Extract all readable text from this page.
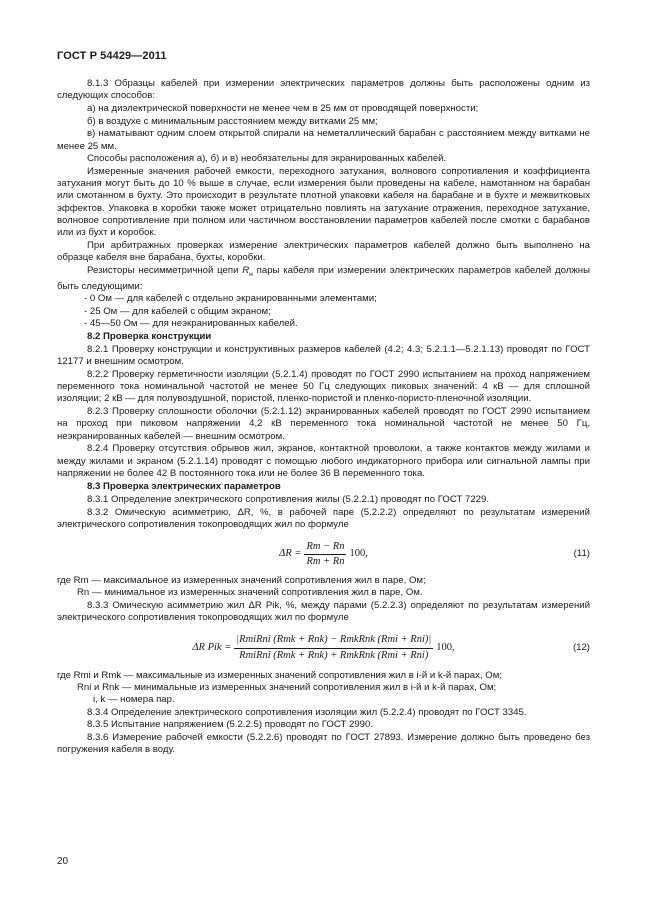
ГОСТ Р 54429—2011

8.1.3 Образцы кабелей при измерении электрических параметров должны быть расположены одним из следующих способов:

а) на диэлектрической поверхности не менее чем в 25 мм от проводящей поверхности;

б) в воздухе с минимальным расстоянием между витками 25 мм;

в) наматывают одним слоем открытой спирали на неметаллический барабан с расстоянием между витками не менее 25 мм.

Способы расположения а), б) и в) необязательны для экранированных кабелей.

Измеренные значения рабочей емкости, переходного затухания, волнового сопротивления и коэффициента затухания могут быть до 10 % выше в случае, если измерения были проведены на кабеле, намотанном на барабан или смотанном в бухту. Это происходит в результате плотной упаковки кабеля на барабане и в бухте и межвитковых эффектов. Упаковка в коробки также может отрицательно повлиять на затухание отражения, переходное затухание, волновое сопротивление при полном или частичном восстановлении параметров кабелей после смотки с барабанов или из бухт и коробок.

При арбитражных проверках измерение электрических параметров кабелей должно быть выполнено на образце кабеля вне барабана, бухты, коробки.

Резисторы несимметричной цепи $R_н$ пары кабеля при измерении электрических параметров кабелей должны быть следующими:

- 0 Ом — для кабелей с отдельно экранированными элементами;
- 25 Ом — для кабелей с общим экраном;
- 45—50 Ом — для неэкранированных кабелей.

8.2 Проверка конструкции

8.2.1 Проверку конструкции и конструктивных размеров кабелей (4.2; 4.3; 5.2.1.1—5.2.1.13) проводят по ГОСТ 12177 и внешним осмотром.

8.2.2 Проверку герметичности изоляции (5.2.1.4) проводят по ГОСТ 2990 испытанием на проход напряжением переменного тока номинальной частотой не менее 50 Гц следующих пиковых значений: 4 кВ — для сплошной изоляции; 2 кВ — для полувоздушной, пористой, пленко-пористой и пленко-пористо-пленочной изоляции.

8.2.3 Проверку сплошности оболочки (5.2.1.12) экранированных кабелей проводят по ГОСТ 2990 испытанием на проход при пиковом напряжении 4,2 кВ переменного тока номинальной частотой не менее 50 Гц, неэкранированных кабелей — внешним осмотром.

8.2.4 Проверку отсутствия обрывов жил, экранов, контактной проволоки, а также контактов между жилами и между жилами и экраном (5.2.1.14) проводят с помощью любого индикаторного прибора или сигнальной лампы при напряжении не более 42 В постоянного тока или не более 36 В переменного тока.

8.3 Проверка электрических параметров

8.3.1 Определение электрического сопротивления жилы (5.2.2.1) проводят по ГОСТ 7229.

8.3.2 Омическую асимметрию, ΔR, %, в рабочей паре (5.2.2.2) определяют по результатам измерений электрического сопротивления токопроводящих жил по формуле

$\Delta R = \frac{Rm - Rn}{Rm + Rn} 100$,	(11)
где Rm — максимальное из измеренных значений сопротивления жил в паре, Ом;
Rn — минимальное из измеренных значений сопротивления жил в паре, Ом.

8.3.3 Омическую асимметрию жил ΔR Pik, %, между парами (5.2.2.3) определяют по результатам измерений электрического сопротивления токопроводящих жил по формуле

ΔR Pik = $\frac{\text{|RmiRni (Rmk + Rnk) − RmkRnk (Rmi + Rni)|}}{\text{RmiRni (Rmk + Rnk) + RmkRnk (Rmi + Rni)}} 100$,	(12)
где Rmi и Rmk — максимальные из измеренных значений сопротивления жил в i-й и k-й парах, Ом;
Rni и Rnk — минимальные из измеренных значений сопротивления жил в i-й и k-й парах, Ом;
i, k — номера пар.

8.3.4 Определение электрического сопротивления изоляции жил (5.2.2.4) проводят по ГОСТ 3345.

8.3.5 Испытание напряжением (5.2.2.5) проводят по ГОСТ 2990.

8.3.6 Измерение рабочей емкости (5.2.2.6) проводят по ГОСТ 27893. Измерение должно быть проведено без погружения кабеля в воду.

20
